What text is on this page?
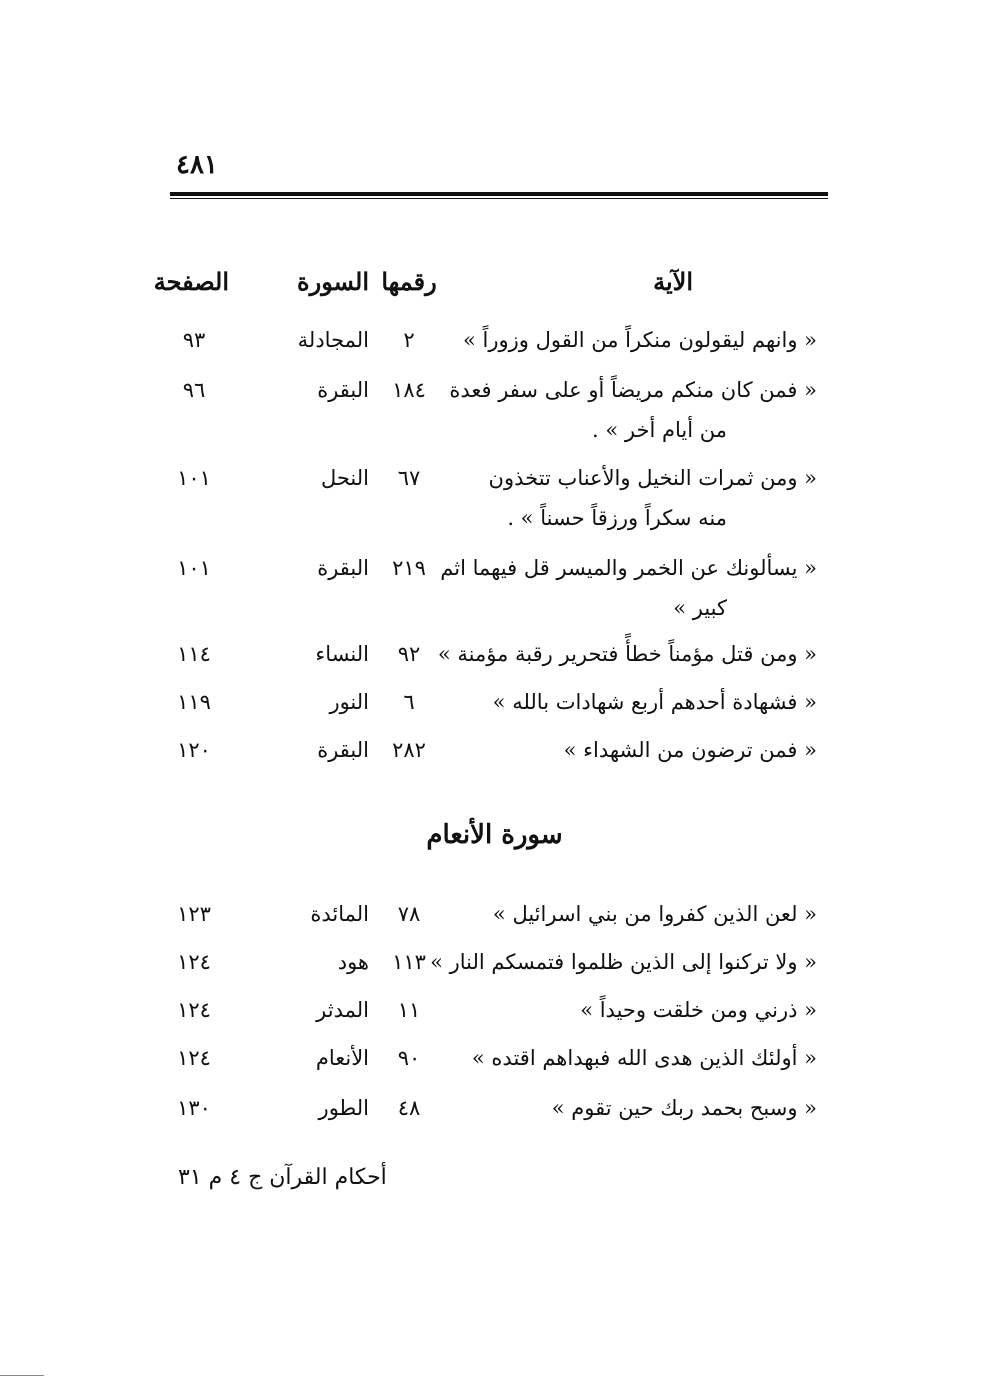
٤٨١
الآية
رقمها
السورة
الصفحة
« وانهم ليقولون منكراً من القول وزوراً »
٢
المجادلة
٩٣
« فمن كان منكم مريضاً أو على سفر فعدة
١٨٤
البقرة
٩٦
من أيام أخر » .
« ومن ثمرات النخيل والأعناب تتخذون
٦٧
النحل
١٠١
منه سكراً ورزقاً حسناً » .
« يسألونك عن الخمر والميسر قل فيهما اثم
٢١٩
البقرة
١٠١
كبير »
« ومن قتل مؤمناً خطأً فتحرير رقبة مؤمنة »
٩٢
النساء
١١٤
« فشهادة أحدهم أربع شهادات بالله »
٦
النور
١١٩
« فمن ترضون من الشهداء »
٢٨٢
البقرة
١٢٠
سورة الأنعام
« لعن الذين كفروا من بني اسرائيل »
٧٨
المائدة
١٢٣
« ولا تركنوا إلى الذين ظلموا فتمسكم النار »
١١٣
هود
١٢٤
« ذرني ومن خلقت وحيداً »
١١
المدثر
١٢٤
« أولئك الذين هدى الله فبهداهم اقتده »
٩٠
الأنعام
١٢٤
« وسبح بحمد ربك حين تقوم »
٤٨
الطور
١٣٠
أحكام القرآن ج ٤ م ٣١
